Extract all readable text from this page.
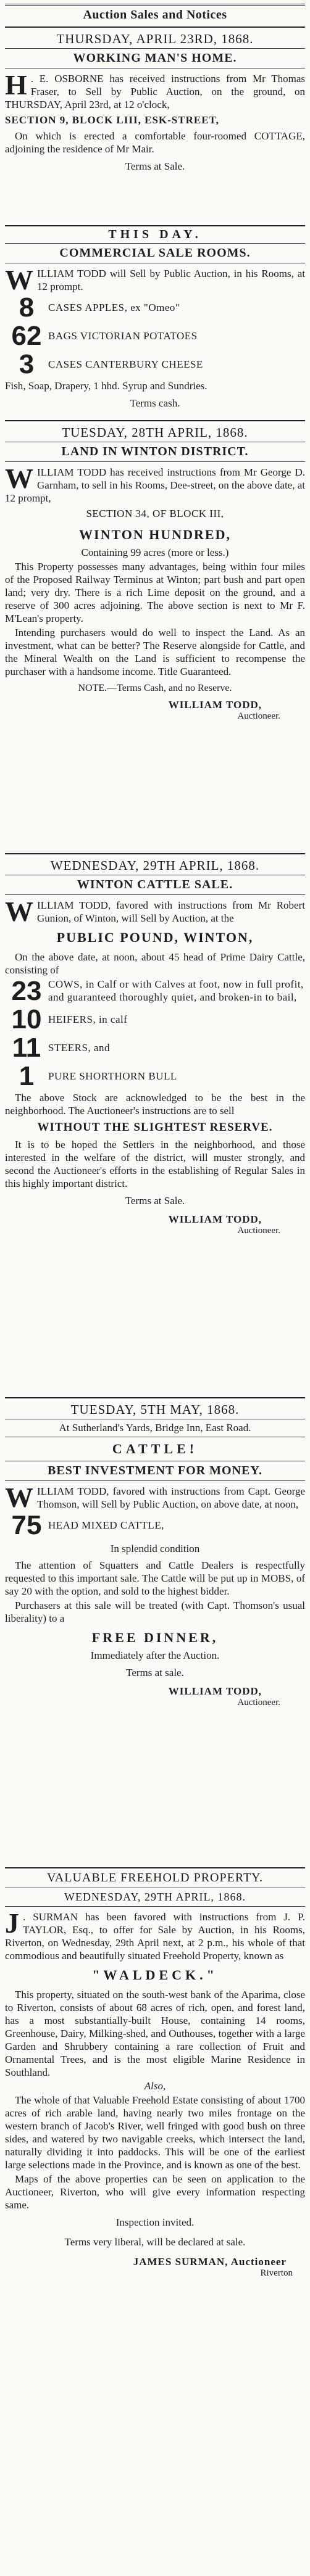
Auction Sales and Notices
THURSDAY, APRIL 23RD, 1868.
WORKING MAN'S HOME.
H . E. OSBORNE has received instructions from Mr Thomas Fraser, to Sell by Public Auction, on the ground, on THURSDAY, April 23rd, at 12 o'clock,
SECTION 9, BLOCK LIII, ESK-STREET,
On which is erected a comfortable four-roomed COTTAGE, adjoining the residence of Mr Mair.
Terms at Sale.
THIS DAY.
COMMERCIAL SALE ROOMS.
WILLIAM TODD will Sell by Public Auction, in his Rooms, at 12 prompt.
8	CASES APPLES, ex "Omeo"
62 BAGS VICTORIAN POTATOES
3	CASES CANTERBURY CHEESE
Fish, Soap, Drapery, 1 hhd. Syrup and Sundries.
Terms cash.
TUESDAY, 28TH APRIL, 1868.
LAND IN WINTON DISTRICT.
WILLIAM TODD has received instructions from Mr George D. Garnham, to sell in his Rooms, Dee-street, on the above date, at 12 prompt,
SECTION 34, OF BLOCK III,
WINTON HUNDRED,
Containing 99 acres (more or less.)
This Property possesses many advantages, being within four miles of the Proposed Railway Terminus at Winton; part bush and part open land; very dry. There is a rich Lime deposit on the ground, and a reserve of 300 acres adjoining. The above section is next to Mr F. M'Lean's property.
Intending purchasers would do well to inspect the Land. As an investment, what can be better? The Reserve alongside for Cattle, and the Mineral Wealth on the Land is sufficient to recompense the purchaser with a handsome income. Title Guaranteed.
NOTE.—Terms Cash, and no Reserve.
WILLIAM TODD,
Auctioneer.
WEDNESDAY, 29TH APRIL, 1868.
WINTON CATTLE SALE.
WILLIAM TODD, favored with instructions from Mr Robert Gunion, of Winton, will Sell by Auction, at the
PUBLIC POUND, WINTON,
On the above date, at noon, about 45 head of Prime Dairy Cattle, consisting of
23 COWS, in Calf or with Calves at foot, now in full profit, and guaranteed thoroughly quiet, and broken-in to bail,
10 HEIFERS, in calf
11 STEERS, and
1	PURE SHORTHORN BULL
The above Stock are acknowledged to be the best in the neighborhood. The Auctioneer's instructions are to sell
WITHOUT THE SLIGHTEST RESERVE.
It is to be hoped the Settlers in the neighborhood, and those interested in the welfare of the district, will muster strongly, and second the Auctioneer's efforts in the establishing of Regular Sales in this highly important district.
Terms at Sale.
WILLIAM TODD,
Auctioneer.
TUESDAY, 5TH MAY, 1868.
At Sutherland's Yards, Bridge Inn, East Road.
CATTLE!
BEST INVESTMENT FOR MONEY.
WILLIAM TODD, favored with instructions from Capt. George Thomson, will Sell by Public Auction, on above date, at noon,
75 HEAD MIXED CATTLE,
In splendid condition
The attention of Squatters and Cattle Dealers is respectfully requested to this important sale. The Cattle will be put up in MOBS, of say 20 with the option, and sold to the highest bidder.
Purchasers at this sale will be treated (with Capt. Thomson's usual liberality) to a
FREE DINNER,
Immediately after the Auction.
Terms at sale.
WILLIAM TODD,
Auctioneer.
VALUABLE FREEHOLD PROPERTY.
WEDNESDAY, 29TH APRIL, 1868.
J . SURMAN has been favored with instructions from J. P. TAYLOR, Esq., to offer for Sale by Auction, in his Rooms, Riverton, on Wednesday, 29th April next, at 2 p.m., his whole of that commodious and beautifully situated Freehold Property, known as
"WALDECK."
This property, situated on the south-west bank of the Aparima, close to Riverton, consists of about 68 acres of rich, open, and forest land, has a most substantially-built House, containing 14 rooms, Greenhouse, Dairy, Milking-shed, and Outhouses, together with a large Garden and Shrubbery containing a rare collection of Fruit and Ornamental Trees, and is the most eligible Marine Residence in Southland.
Also,
The whole of that Valuable Freehold Estate consisting of about 1700 acres of rich arable land, having nearly two miles frontage on the western branch of Jacob's River, well fringed with good bush on three sides, and watered by two navigable creeks, which intersect the land, naturally dividing it into paddocks. This will be one of the earliest large selections made in the Province, and is known as one of the best.
Maps of the above properties can be seen on application to the Auctioneer, Riverton, who will give every information respecting same.
Inspection invited.
Terms very liberal, will be declared at sale.
JAMES SURMAN, Auctioneer
Riverton
